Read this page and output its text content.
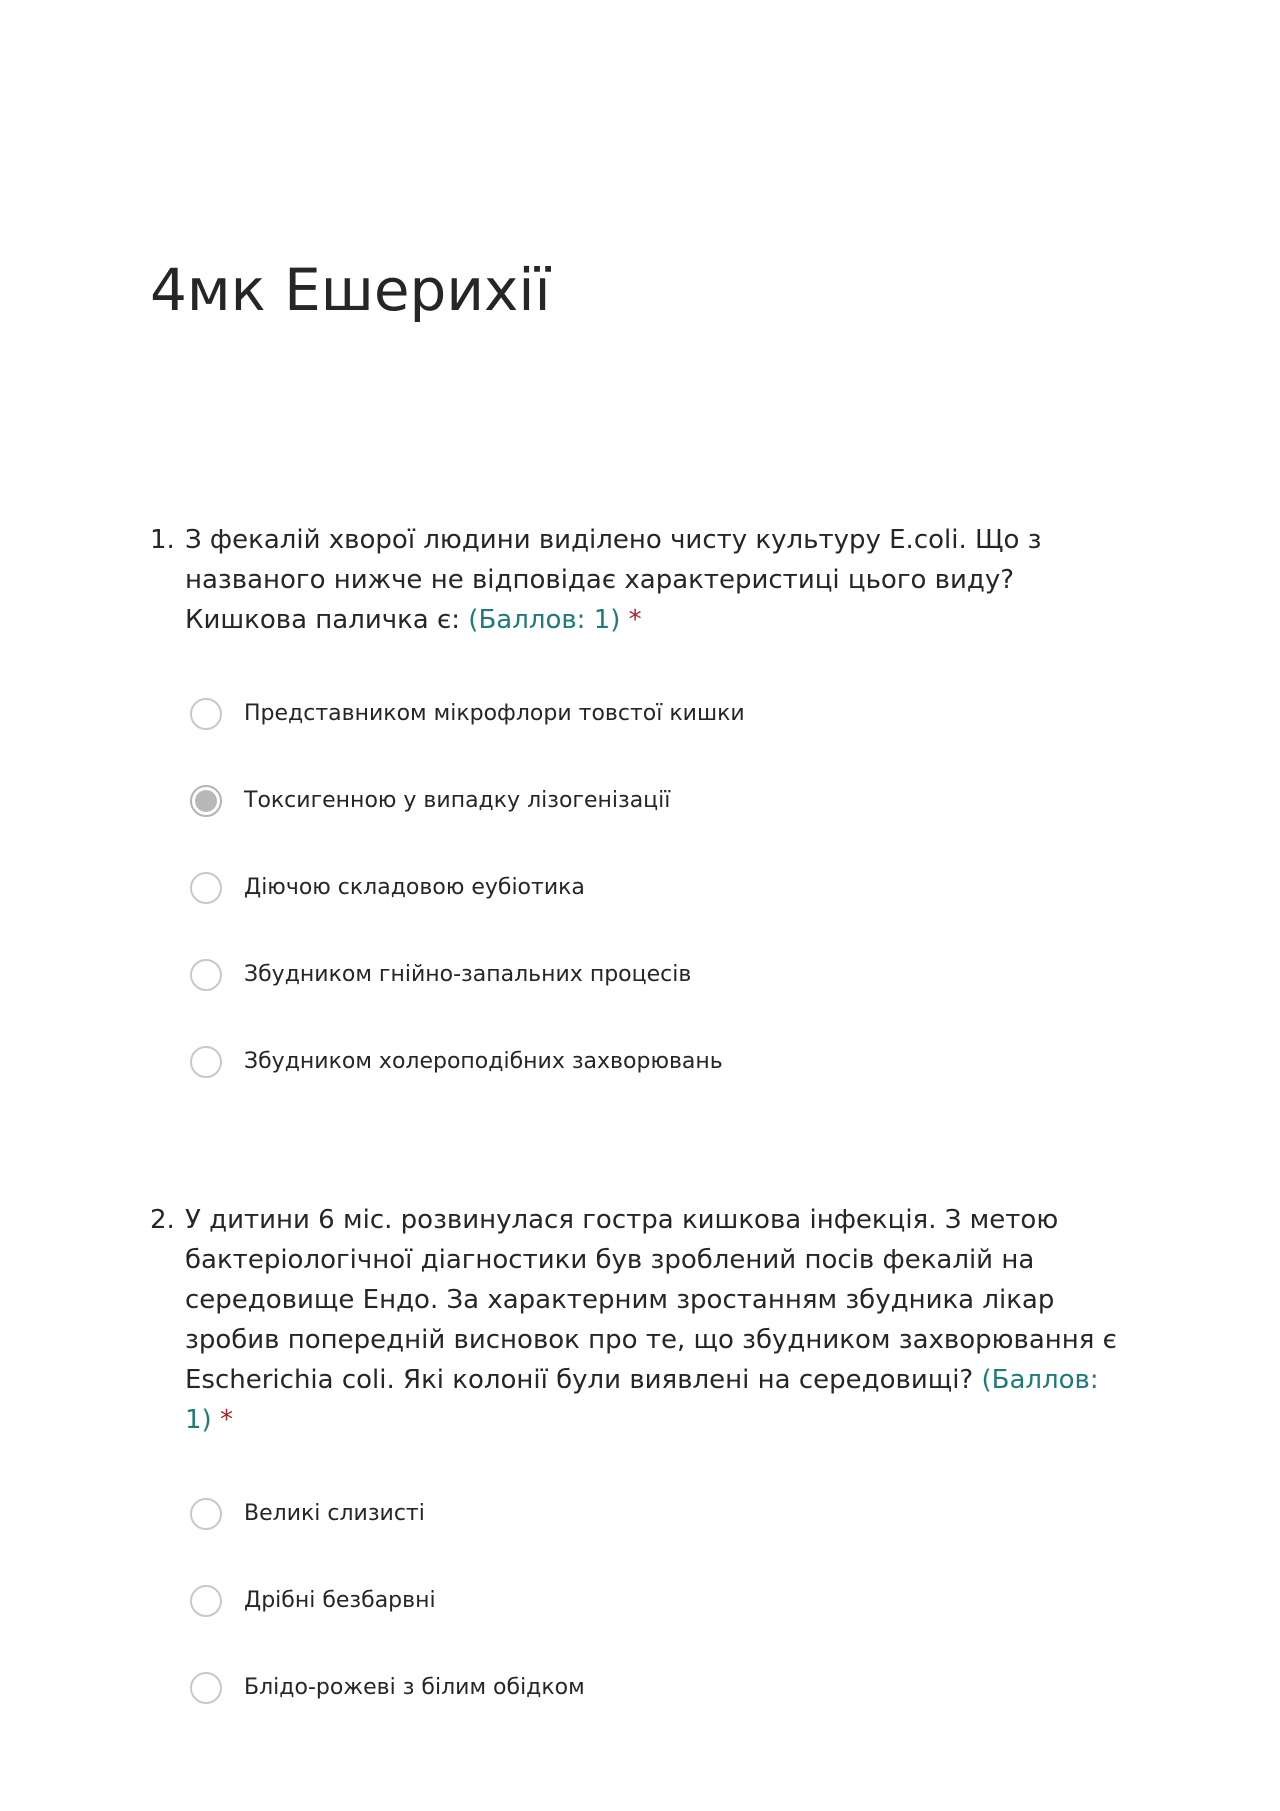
4мк Ешерихії
1. З фекалій хворої людини виділено чисту культуру E.coli. Що з названого нижче не відповідає характеристиці цього виду? Кишкова паличка є: (Баллов: 1) *
Представником мікрофлори товстої кишки
Токсигенною у випадку лізогенізації
Діючою складовою еубіотика
Збудником гнійно-запальних процесів
Збудником холероподібних захворювань
2. У дитини 6 міс. розвинулася гостра кишкова інфекція. З метою бактеріологічної діагностики був зроблений посів фекалій на середовище Ендо. За характерним зростанням збудника лікар зробив попередній висновок про те, що збудником захворювання є Escherichia coli. Які колонії були виявлені на середовищі? (Баллов: 1) *
Великі слизисті
Дрібні безбарвні
Блідо-рожеві з білим обідком
